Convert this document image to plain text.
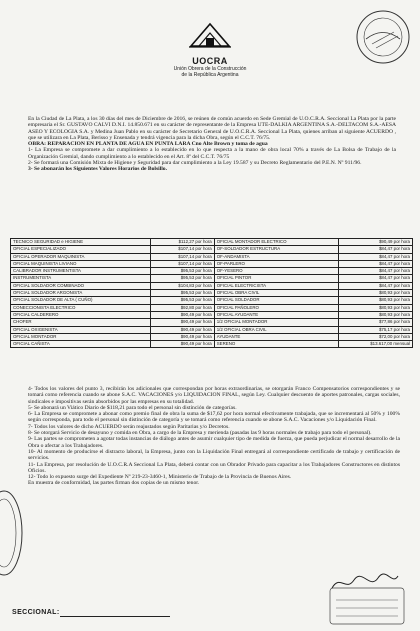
UOCRA
Unión Obrera de la Construcción
de la República Argentina

En la Ciudad de La Plata, a los 30 días del mes de Diciembre de 2016, se reúnen de común acuerdo en Sede Gremial de U.O.C.R.A. Seccional La Plata por la parte empresaria el Sr. GUSTAVO CALVI D.N.I. 14.850.671 en su carácter de representante de la Empresa UTE-DALKIA ARGENTINA S.A.-DELTACOM S.A.-AESA ASEO Y ECOLOGIA S.A. y Medina Juan Pablo en su carácter de Secretario General de U.O.C.R.A. Seccional La Plata, quienes arriban al siguiente ACUERDO , que se utilizara en La Plata, Berisso y Ensenada y tendrá vigencia para la dicha Obra, según el C.C.T. 76/75.

OBRA: REPARACION EN PLANTA DE AGUA EN PUNTA LARA Cno Alte Brown y toma de agua

1- La Empresa se compromete a dar cumplimiento a lo establecido en lo que respecta a la mano de obra local 70% a través de La Bolsa de Trabajo de la Organización Gremial, dando cumplimiento a lo establecido en el Art. 8º del C.C.T. 76/75

2- Se formará una Comisión Mixta de Higiene y Seguridad para dar cumplimiento a la Ley 19.587 y su Decreto Reglamentario del P.E.N. Nº 911/96.

3- Se abonarán los Siguientes Valores Horarios de Bolsillo.

TECNICO SEGURIDAD e HIGIENE	$112,27 por hora	OFICIAL MONTADOR ELECTRICO	$90,49 por hora
OFICIAL ESPECIALIZADO	$107,14 por hora	OF-SOLDADOR ESTRUCTURA	$84,47 por hora
OFICIAL OPERADOR MAQUINISTA	$107,14 por hora	OF-ANDAMISTA	$84,47 por hora
OFICIAL MAQUINISTA LIVIANO	$107,14 por hora	OF-PARLERO	$84,47 por hora
CALIBRADOR INSTRUMENTISTA	$95,53 por hora	OF-YESERO	$84,47 por hora
INSTRUMENTISTA	$95,53 por hora	OFICIAL PINTOR	$84,47 por hora
OFICIAL SOLDADOR COMBINADO	$104,83 por hora	OFICIAL ELECTRICISTA	$84,47 por hora
OFICIAL SOLDADOR ARGONISTA	$95,53 por hora	OFICIAL OBRA CIVIL	$80,93 por hora
OFICIAL SOLDADOR DE ALTA ( CUÑO)	$95,53 por hora	OFICIAL SOLDADOR	$80,93 por hora
CONECCIONISTA ELECTRICO	$92,80 por hora	OFICIAL PAÑOLERO	$80,93 por hora
OFICIAL CALDERERO	$90,49 por hora	OFICIAL AYUDANTE	$80,93 por hora
CHOFER	$90,49 por hora	1/2 OFICIAL MONTADOR	$77,86 por hora
OFICIAL OXIGENISTA	$90,49 por hora	1/2 OFICIAL OBRA CIVIL	$75,17 por hora
OFICIAL MONTADOR	$90,49 por hora	AYUDANTE	$72,00 por hora
OFICIAL CAÑISTA	$90,49 por hora	SERENO	$13.617,00 mensual

4- Todos los valores del punto 3, recibirán los adicionales que correspondan por horas extraordinarias, se otorgarán Franco Compensatorios correspondientes y se tomará como referencia cuando se abone S.A.C. VACACIONES y/o LIQUIDACION FINAL, según Ley. Cualquier descuento de aportes patronales, cargas sociales, sindicales e impositivas serán absorbidos por las empresas en su totalidad.

5- Se abonará un Viático Diario de $118,21 para todo el personal sin distinción de categorías.

6- La Empresa se compromete a abonar como premio final de obra la suma de $17,62 por hora normal efectivamente trabajada, que se incrementará al 50% y 100% según corresponda, para todo el personal sin distinción de categoría y se tomará como referencia cuando se abone S.A.C. Vacaciones y/o Liquidación Final.

7- Todos los valores de dicho ACUERDO serán reajustados según Paritarias y/o Decretos.

8- Se otorgará Servicio de desayuno y comida en Obra, a cargo de la Empresa y merienda (pasadas las 9 horas normales de trabajo para todo el personal).

9- Las partes se comprometen a agotar todas instancias de diálogo antes de asumir cualquier tipo de medida de fuerza, que pueda perjudicar el normal desarrollo de la Obra o afectar a los Trabajadores.

10- Al momento de producirse el distracto laboral, la Empresa, junto con la Liquidación Final entregará al correspondiente certificado de trabajo y certificación de servicios.

11- La Empresa, por resolución de U.O.C.R.A Seccional La Plata, deberá contar con un Obrador Privado para capacitar a los Trabajadores Constructores en distintos Oficios.

12- Todo lo expuesto surge del Expediente Nº 219-23-3460-1, Ministerio de Trabajo de la Provincia de Buenos Aires.

En muestra de conformidad, las partes firman dos copias de un mismo tenor.

SECCIONAL:
